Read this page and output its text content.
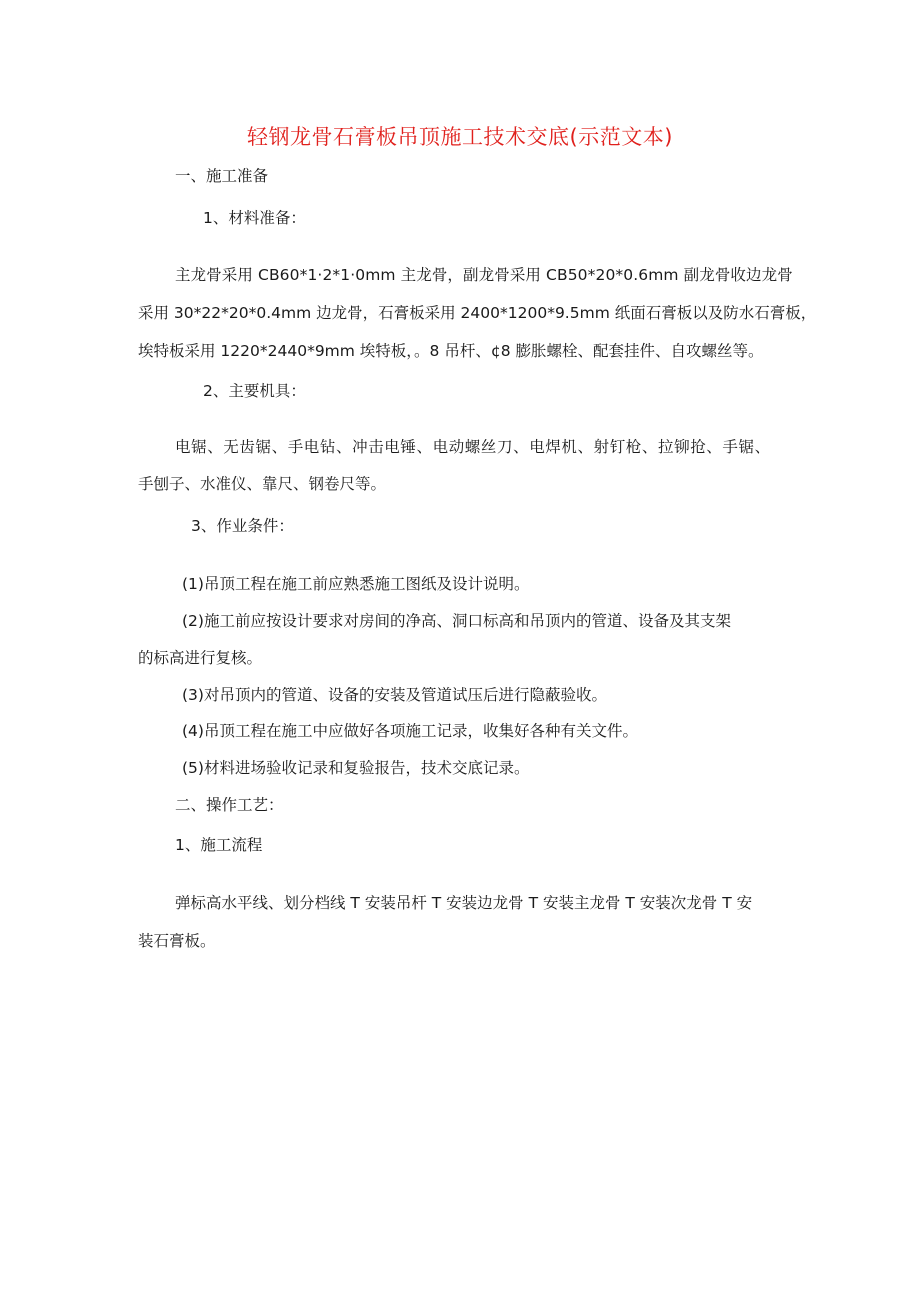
轻钢龙骨石膏板吊顶施工技术交底(示范文本)
一、施工准备
1、材料准备：
主龙骨采用 CB60*1·2*1·0mm 主龙骨，副龙骨采用 CB50*20*0.6mm 副龙骨收边龙骨
采用 30*22*20*0.4mm 边龙骨，石膏板采用 2400*1200*9.5mm 纸面石膏板以及防水石膏板，
埃特板采用 1220*2440*9mm 埃特板，。8 吊杆、¢8 膨胀螺栓、配套挂件、自攻螺丝等。
2、主要机具：
电锯、无齿锯、手电钻、冲击电锤、电动螺丝刀、电焊机、射钉枪、拉铆抢、手锯、
手刨子、水准仪、靠尺、钢卷尺等。
3、作业条件：
(1)吊顶工程在施工前应熟悉施工图纸及设计说明。
(2)施工前应按设计要求对房间的净高、洞口标高和吊顶内的管道、设备及其支架
的标高进行复核。
(3)对吊顶内的管道、设备的安装及管道试压后进行隐蔽验收。
(4)吊顶工程在施工中应做好各项施工记录，收集好各种有关文件。
(5)材料进场验收记录和复验报告，技术交底记录。
二、操作工艺：
1、施工流程
弹标高水平线、划分档线 T 安装吊杆 T 安装边龙骨 T 安装主龙骨 T 安装次龙骨 T 安
装石膏板。
